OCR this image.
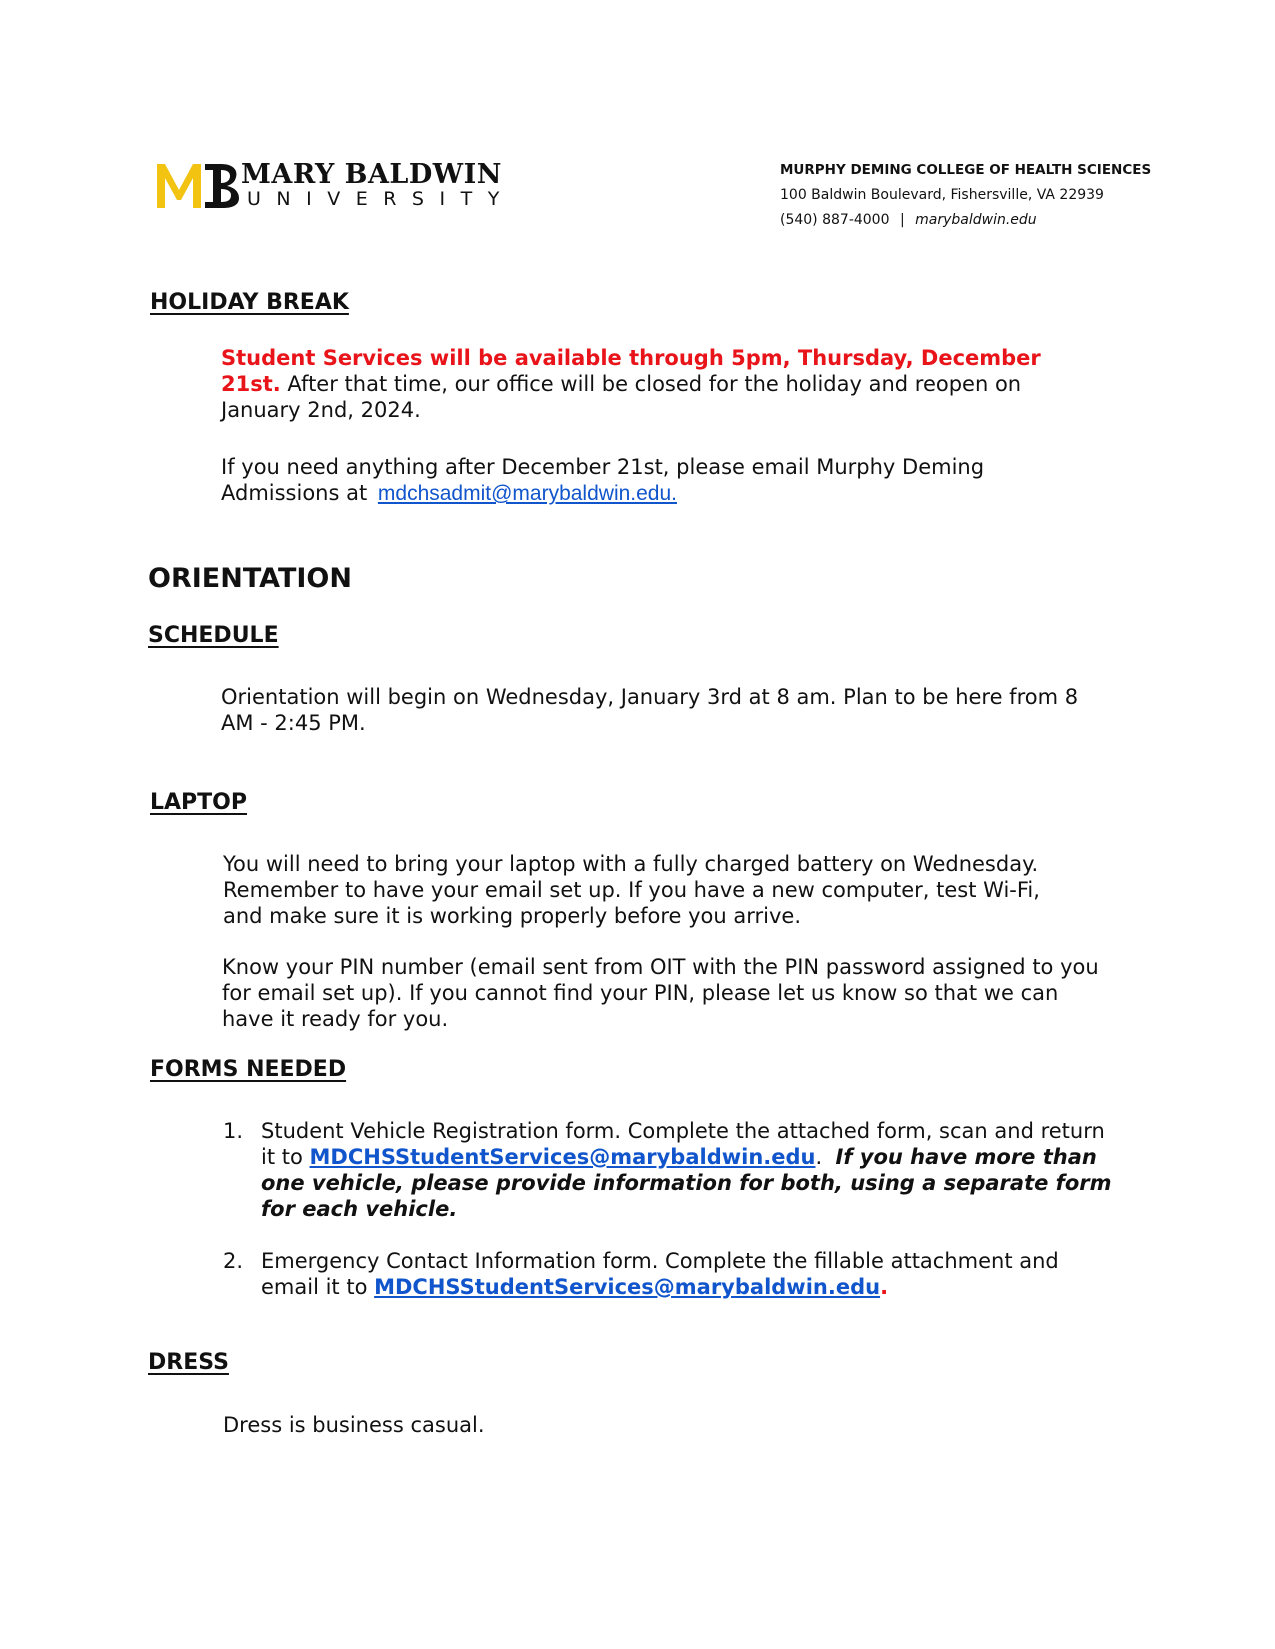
MARY BALDWIN
UNIVERSITY
MURPHY DEMING COLLEGE OF HEALTH SCIENCES
100 Baldwin Boulevard, Fishersville, VA 22939
(540) 887-4000 | marybaldwin.edu
HOLIDAY BREAK
Student Services will be available through 5pm, Thursday, December 21st. After that time, our office will be closed for the holiday and reopen on January 2nd, 2024.
If you need anything after December 21st, please email Murphy Deming Admissions at mdchsadmit@marybaldwin.edu.
ORIENTATION
SCHEDULE
Orientation will begin on Wednesday, January 3rd at 8 am. Plan to be here from 8 AM - 2:45 PM.
LAPTOP
You will need to bring your laptop with a fully charged battery on Wednesday. Remember to have your email set up. If you have a new computer, test Wi-Fi, and make sure it is working properly before you arrive.
Know your PIN number (email sent from OIT with the PIN password assigned to you for email set up). If you cannot find your PIN, please let us know so that we can have it ready for you.
FORMS NEEDED
1. Student Vehicle Registration form. Complete the attached form, scan and return it to MDCHSStudentServices@marybaldwin.edu.  If you have more than one vehicle, please provide information for both, using a separate form for each vehicle.
2. Emergency Contact Information form. Complete the fillable attachment and email it to MDCHSStudentServices@marybaldwin.edu.
DRESS
Dress is business casual.
